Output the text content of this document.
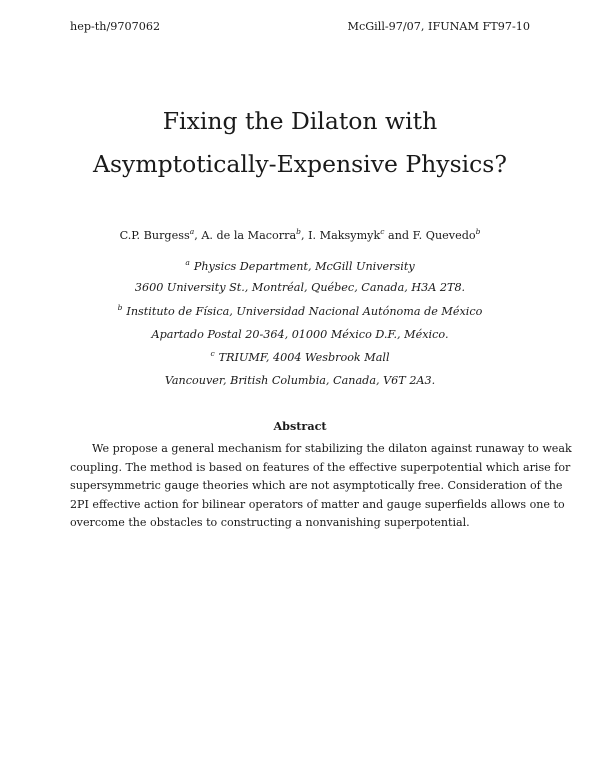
hep-th/9707062	McGill-97/07, IFUNAM FT97-10
Fixing the Dilaton with
Asymptotically-Expensive Physics?
C.P. Burgess$^a$, A. de la Macorra$^b$, I. Maksymyk$^c$ and F. Quevedo$^b$
$^a$ Physics Department, McGill University
3600 University St., Montréal, Québec, Canada, H3A 2T8.
$^b$ Instituto de Física, Universidad Nacional Autónoma de México
Apartado Postal 20-364, 01000 México D.F., México.
$^c$ TRIUMF, 4004 Wesbrook Mall
Vancouver, British Columbia, Canada, V6T 2A3.
Abstract
We propose a general mechanism for stabilizing the dilaton against runaway to weak
coupling. The method is based on features of the effective superpotential which arise for
supersymmetric gauge theories which are not asymptotically free. Consideration of the
2PI effective action for bilinear operators of matter and gauge superfields allows one to
overcome the obstacles to constructing a nonvanishing superpotential.
